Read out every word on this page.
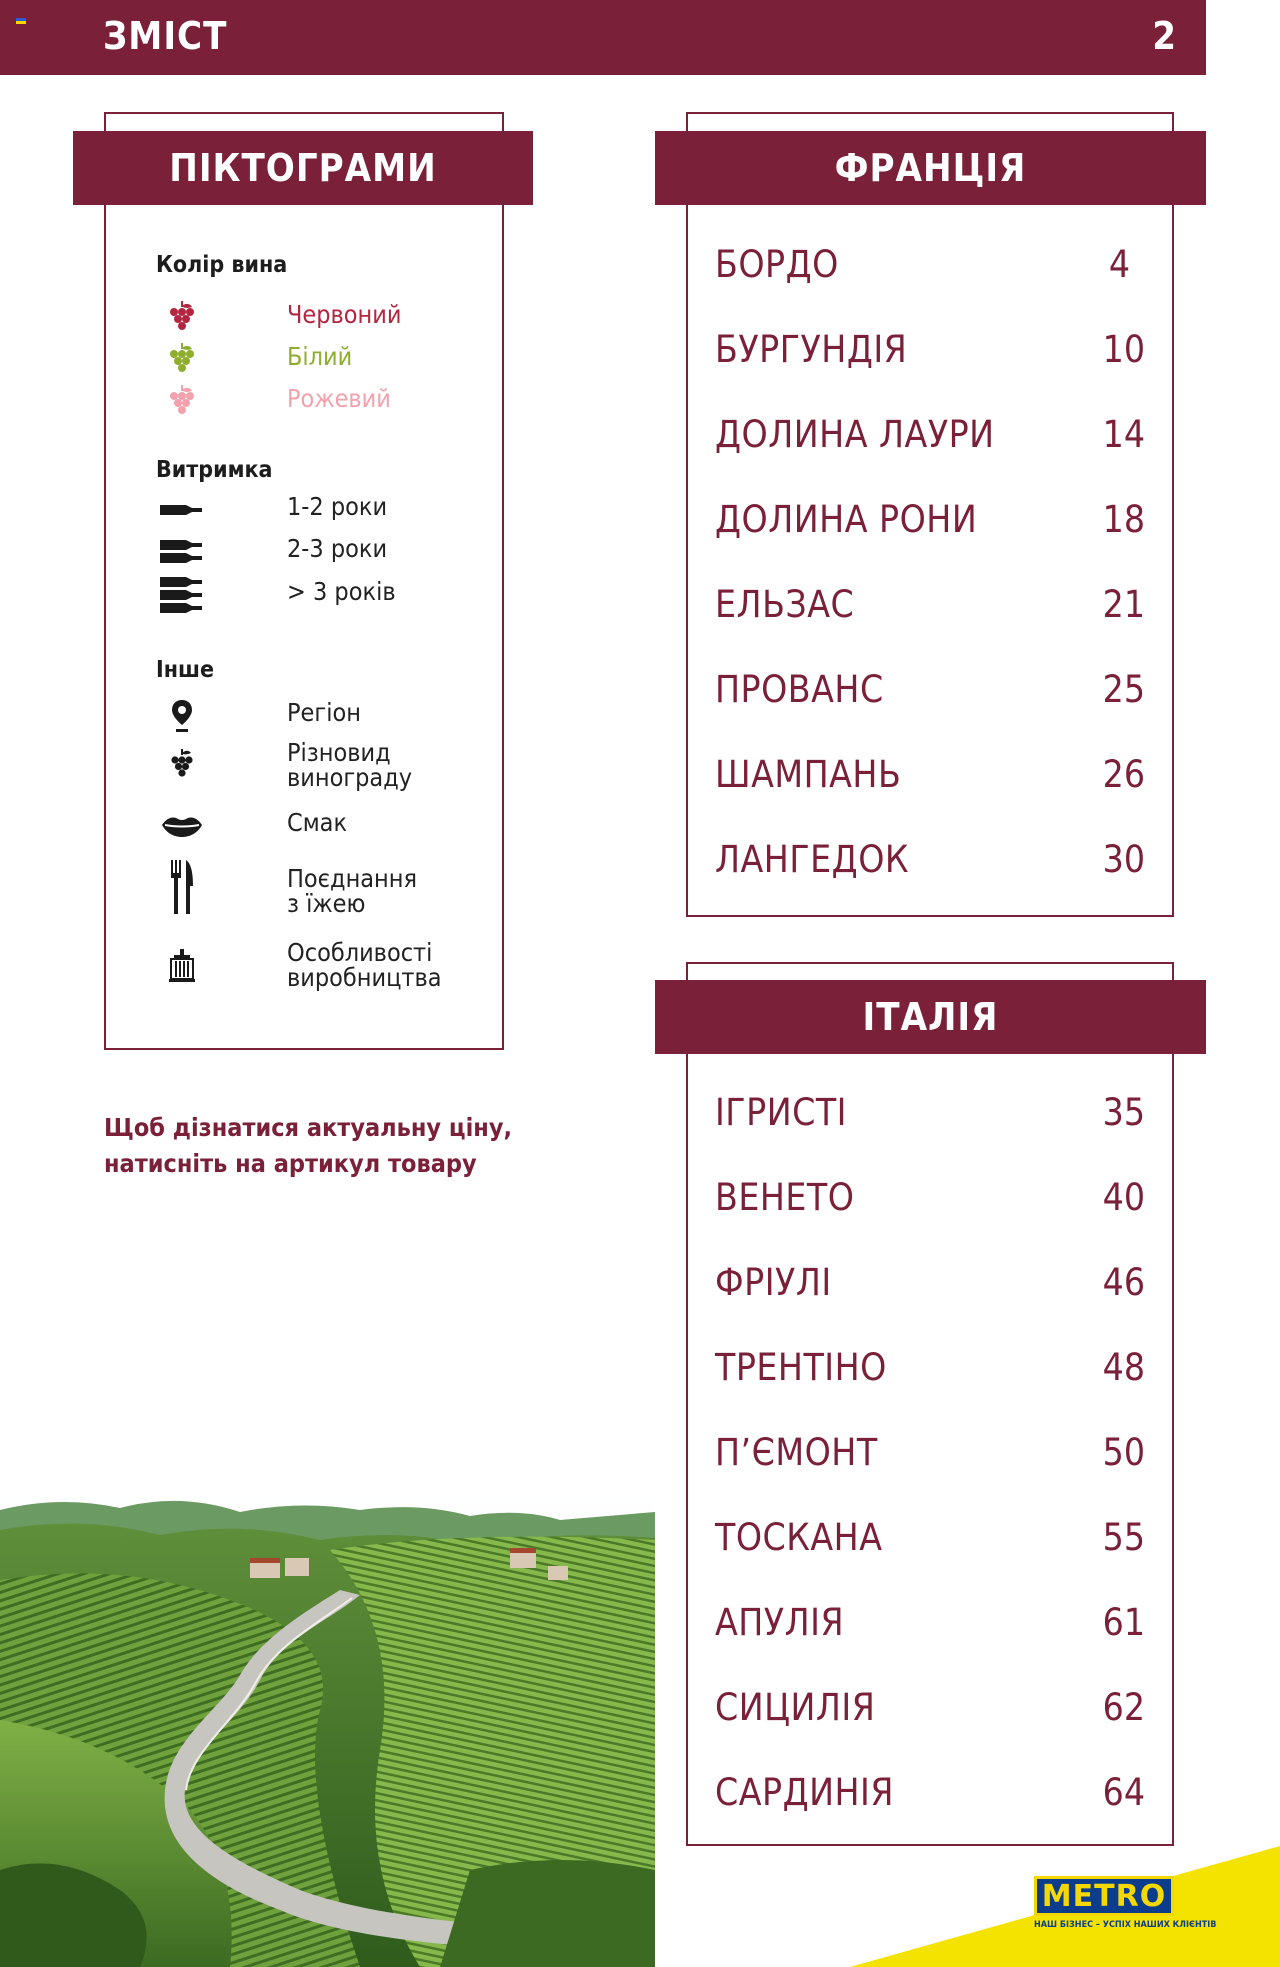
ЗМІСТ	2
ПІКТОГРАМИ
Колір вина
Червоний
Білий
Рожевий
Витримка
1-2 роки
2-3 роки
> 3 років
Інше
Регіон
Різновид
винограду
Смак
Поєднання
з їжею
Особливості
виробництва
Щоб дізнатися актуальну ціну,
натисніть на артикул товару
ФРАНЦІЯ
БОРДО	4
БУРГУНДІЯ	10
ДОЛИНА ЛАУРИ	14
ДОЛИНА РОНИ	18
ЕЛЬЗАС	21
ПРОВАНС	25
ШАМПАНЬ	26
ЛАНГЕДОК	30
ІТАЛІЯ
ІГРИСТІ	35
ВЕНЕТО	40
ФРІУЛІ	46
ТРЕНТІНО	48
П’ЄМОНТ	50
ТОСКАНА	55
АПУЛІЯ	61
СИЦИЛІЯ	62
САРДИНІЯ	64
METRO
НАШ БІЗНЕС – УСПІХ НАШИХ КЛІЄНТІВ
